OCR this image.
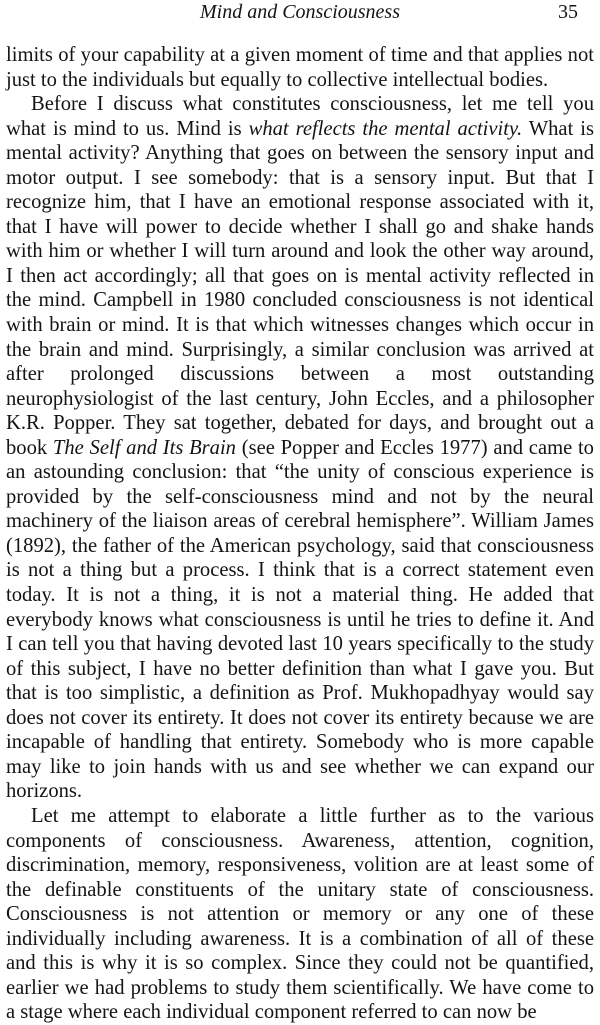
Mind and Consciousness	35

limits of your capability at a given moment of time and that applies not just to the individuals but equally to collective intellectual bodies.

Before I discuss what constitutes consciousness, let me tell you what is mind to us. Mind is what reflects the mental activity. What is mental activity? Anything that goes on between the sensory input and motor output. I see somebody: that is a sensory input. But that I recognize him, that I have an emotional response associated with it, that I have will power to decide whether I shall go and shake hands with him or whether I will turn around and look the other way around, I then act accordingly; all that goes on is mental activity reflected in the mind. Campbell in 1980 concluded consciousness is not identical with brain or mind. It is that which witnesses changes which occur in the brain and mind. Surprisingly, a similar conclusion was arrived at after prolonged discussions between a most outstanding neurophysiologist of the last century, John Eccles, and a philosopher K.R. Popper. They sat together, debated for days, and brought out a book The Self and Its Brain (see Popper and Eccles 1977) and came to an astounding conclusion: that “the unity of conscious experience is provided by the self-consciousness mind and not by the neural machinery of the liaison areas of cerebral hemisphere”. William James (1892), the father of the American psychology, said that consciousness is not a thing but a process. I think that is a correct statement even today. It is not a thing, it is not a material thing. He added that everybody knows what consciousness is until he tries to define it. And I can tell you that having devoted last 10 years specifically to the study of this subject, I have no better definition than what I gave you. But that is too simplistic, a definition as Prof. Mukhopadhyay would say does not cover its entirety. It does not cover its entirety because we are incapable of handling that entirety. Somebody who is more capable may like to join hands with us and see whether we can expand our horizons.

Let me attempt to elaborate a little further as to the various components of consciousness. Awareness, attention, cognition, discrimination, memory, responsiveness, volition are at least some of the definable constituents of the unitary state of consciousness. Consciousness is not attention or memory or any one of these individually including awareness. It is a combination of all of these and this is why it is so complex. Since they could not be quantified, earlier we had problems to study them scientifically. We have come to a stage where each individual component referred to can now be
